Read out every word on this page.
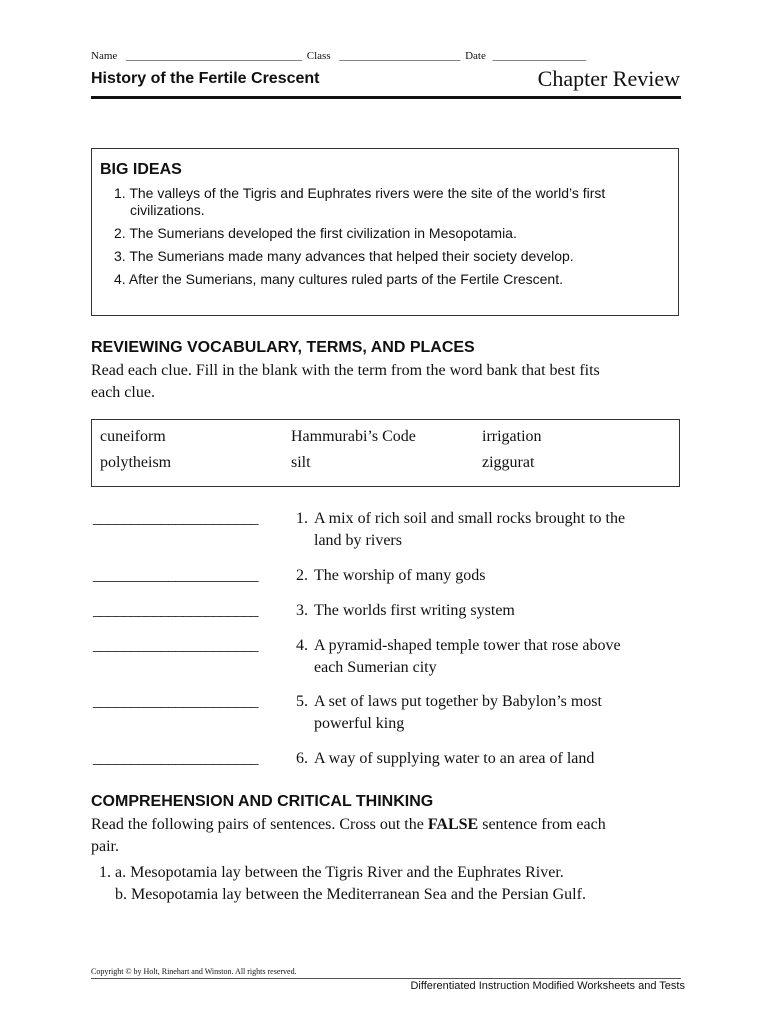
Name ________________________________ Class ______________________ Date _________________
History of the Fertile Crescent	Chapter Review
BIG IDEAS
1. The valleys of the Tigris and Euphrates rivers were the site of the world’s first
civilizations.
2. The Sumerians developed the first civilization in Mesopotamia.
3. The Sumerians made many advances that helped their society develop.
4. After the Sumerians, many cultures ruled parts of the Fertile Crescent.
REVIEWING VOCABULARY, TERMS, AND PLACES
Read each clue. Fill in the blank with the term from the word bank that best fits
each clue.
cuneiform	Hammurabi’s Code	irrigation
polytheism	silt	ziggurat
______________________ 1. A mix of rich soil and small rocks brought to the
land by rivers
______________________ 2. The worship of many gods
______________________ 3. The worlds first writing system
______________________ 4. A pyramid-shaped temple tower that rose above
each Sumerian city
______________________ 5. A set of laws put together by Babylon’s most
powerful king
______________________ 6. A way of supplying water to an area of land
COMPREHENSION AND CRITICAL THINKING
Read the following pairs of sentences. Cross out the FALSE sentence from each
pair.
1. a. Mesopotamia lay between the Tigris River and the Euphrates River.
b. Mesopotamia lay between the Mediterranean Sea and the Persian Gulf.
Copyright © by Holt, Rinehart and Winston. All rights reserved.
Differentiated Instruction Modified Worksheets and Tests
